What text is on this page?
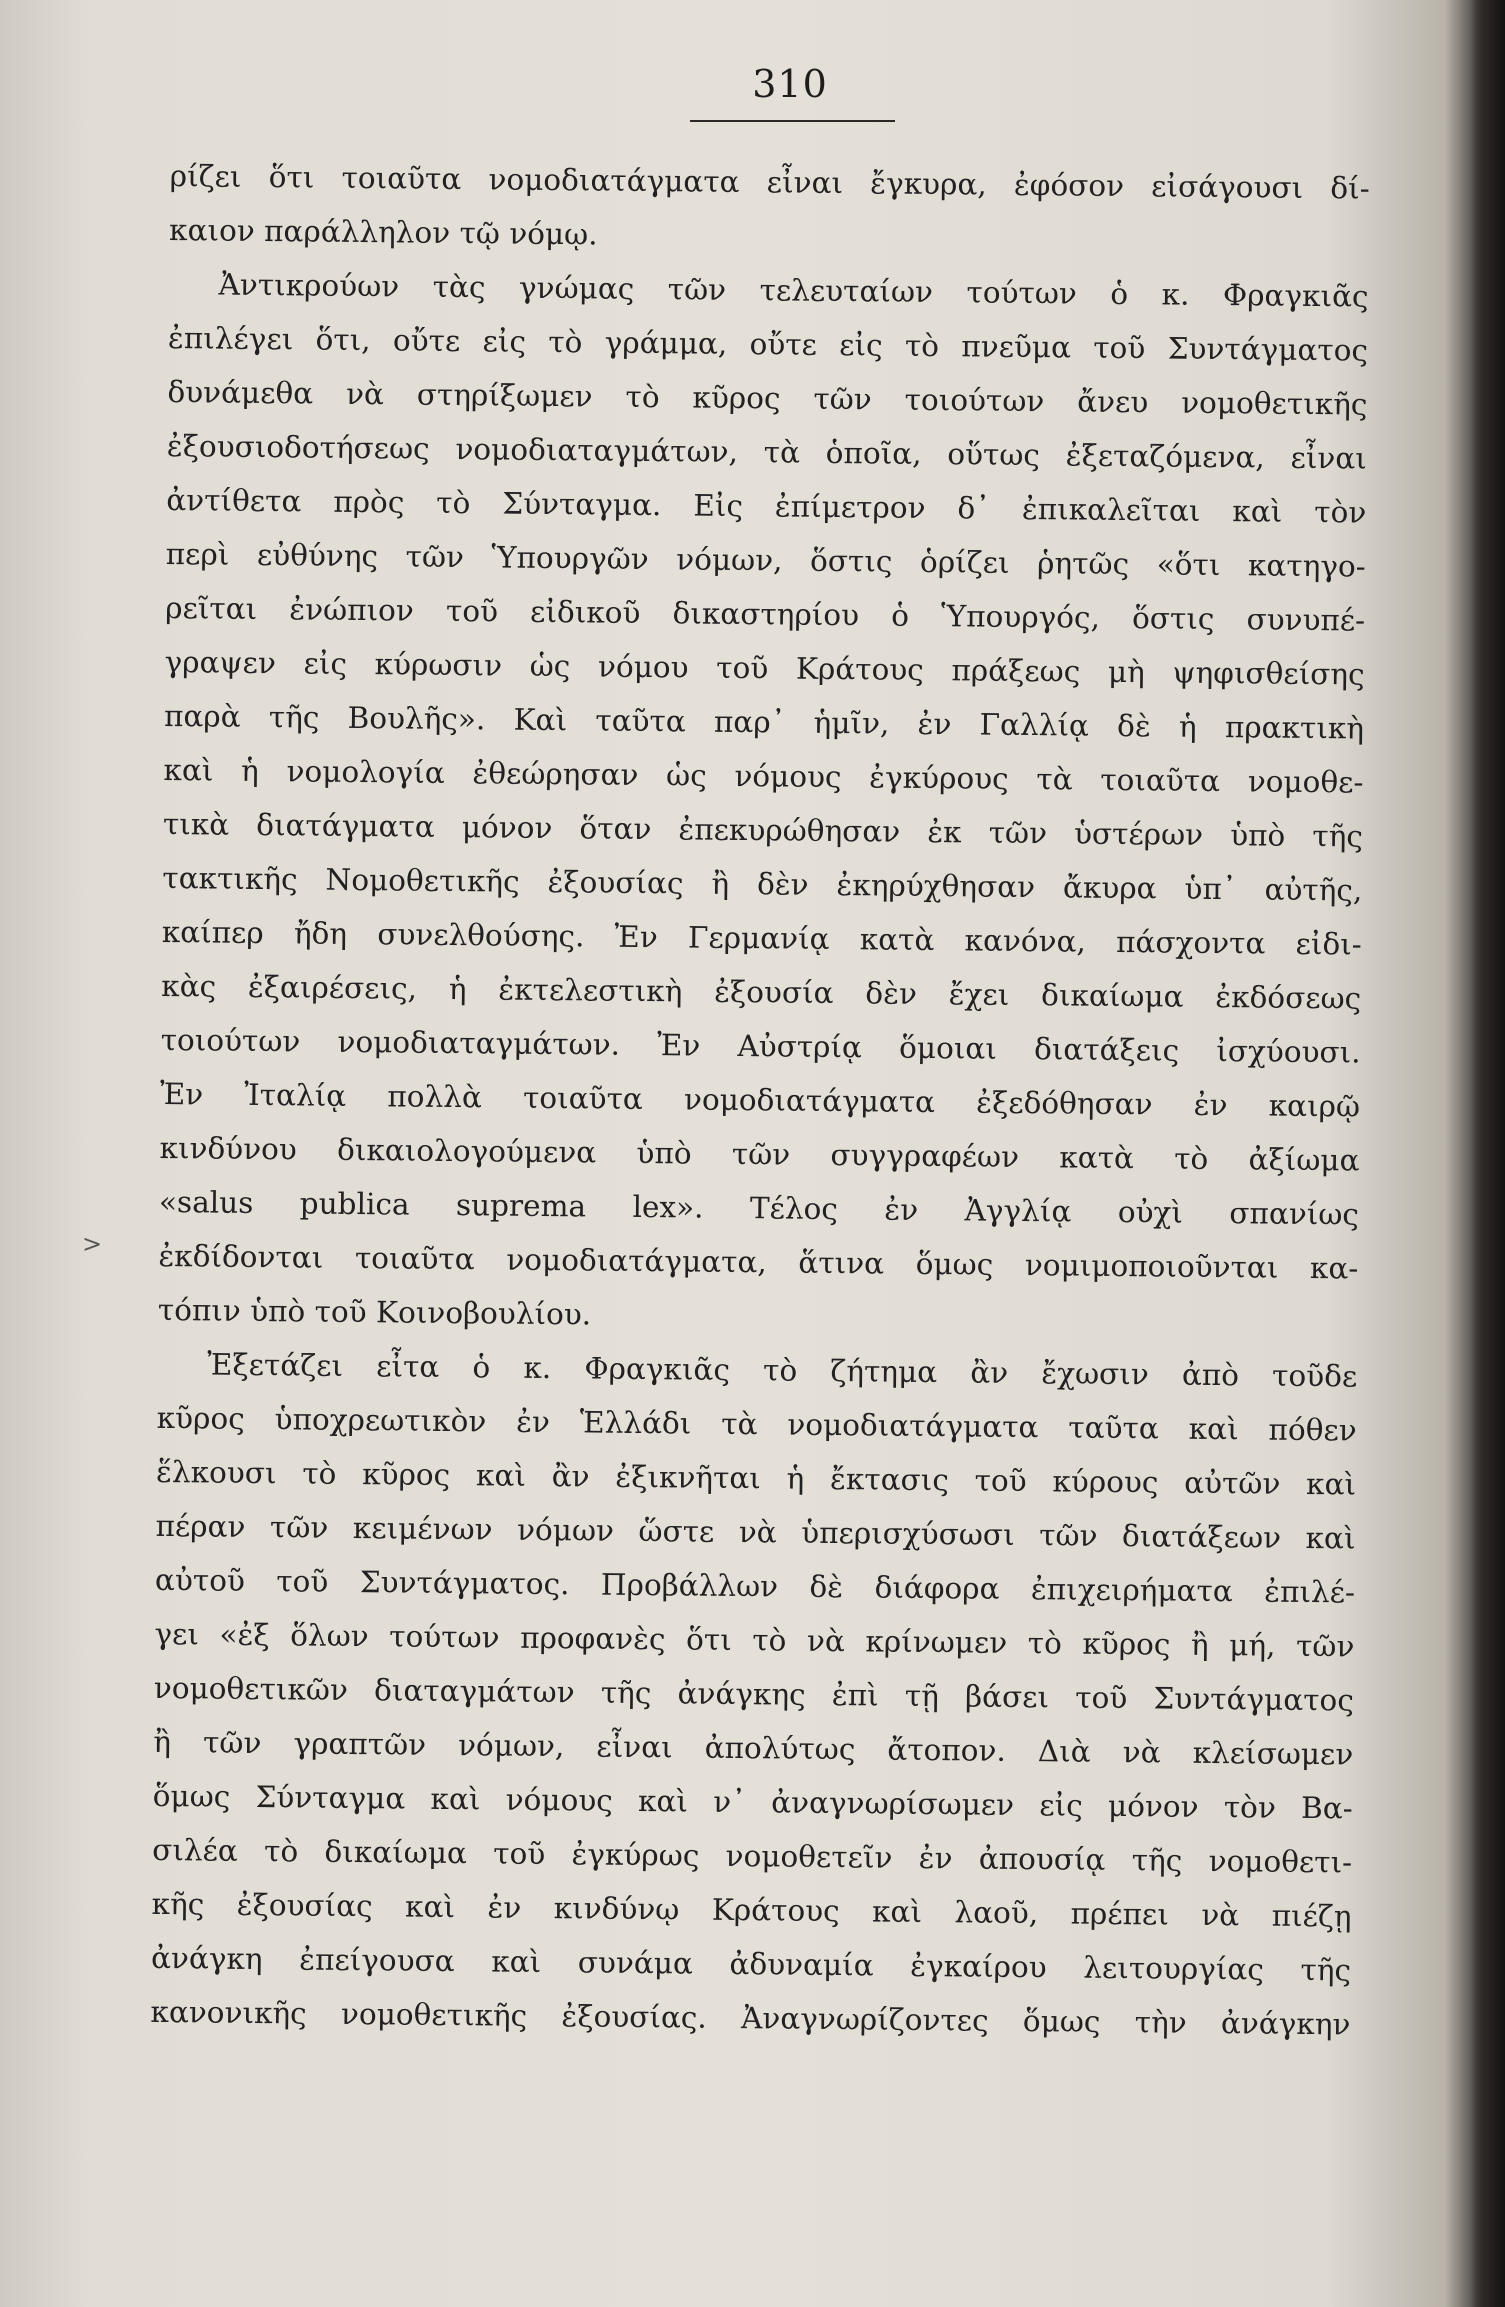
310
>
ρίζει ὅτι τοιαῦτα νομοδιατάγματα εἶναι ἔγκυρα, ἐφόσον εἰσάγουσι δί-
καιον παράλληλον τῷ νόμῳ.
Ἀντικρούων τὰς γνώμας τῶν τελευταίων τούτων ὁ κ. Φραγκιᾶς
ἐπιλέγει ὅτι, οὔτε εἰς τὸ γράμμα, οὔτε εἰς τὸ πνεῦμα τοῦ Συντάγματος
δυνάμεθα νὰ στηρίξωμεν τὸ κῦρος τῶν τοιούτων ἄνευ νομοθετικῆς
ἐξουσιοδοτήσεως νομοδιαταγμάτων, τὰ ὁποῖα, οὕτως ἐξεταζόμενα, εἶναι
ἀντίθετα πρὸς τὸ Σύνταγμα. Εἰς ἐπίμετρον δ᾽ ἐπικαλεῖται καὶ τὸν
περὶ εὐθύνης τῶν Ὑπουργῶν νόμων, ὅστις ὁρίζει ῥητῶς «ὅτι κατηγο-
ρεῖται ἐνώπιον τοῦ εἰδικοῦ δικαστηρίου ὁ Ὑπουργός, ὅστις συνυπέ-
γραψεν εἰς κύρωσιν ὡς νόμου τοῦ Κράτους πράξεως μὴ ψηφισθείσης
παρὰ τῆς Βουλῆς». Καὶ ταῦτα παρ᾽ ἡμῖν, ἐν Γαλλίᾳ δὲ ἡ πρακτικὴ
καὶ ἡ νομολογία ἐθεώρησαν ὡς νόμους ἐγκύρους τὰ τοιαῦτα νομοθε-
τικὰ διατάγματα μόνον ὅταν ἐπεκυρώθησαν ἐκ τῶν ὑστέρων ὑπὸ τῆς
τακτικῆς Νομοθετικῆς ἐξουσίας ἢ δὲν ἐκηρύχθησαν ἄκυρα ὑπ᾽ αὐτῆς,
καίπερ ἤδη συνελθούσης. Ἐν Γερμανίᾳ κατὰ κανόνα, πάσχοντα εἰδι-
κὰς ἐξαιρέσεις, ἡ ἐκτελεστικὴ ἐξουσία δὲν ἔχει δικαίωμα ἐκδόσεως
τοιούτων νομοδιαταγμάτων. Ἐν Αὐστρίᾳ ὅμοιαι διατάξεις ἰσχύουσι.
Ἐν Ἰταλίᾳ πολλὰ τοιαῦτα νομοδιατάγματα ἐξεδόθησαν ἐν καιρῷ
κινδύνου δικαιολογούμενα ὑπὸ τῶν συγγραφέων κατὰ τὸ ἀξίωμα
«salus publica suprema lex». Τέλος ἐν Ἀγγλίᾳ οὐχὶ σπανίως
ἐκδίδονται τοιαῦτα νομοδιατάγματα, ἅτινα ὅμως νομιμοποιοῦνται κα-
τόπιν ὑπὸ τοῦ Κοινοβουλίου.
Ἐξετάζει εἶτα ὁ κ. Φραγκιᾶς τὸ ζήτημα ἂν ἔχωσιν ἀπὸ τοῦδε
κῦρος ὑποχρεωτικὸν ἐν Ἑλλάδι τὰ νομοδιατάγματα ταῦτα καὶ πόθεν
ἕλκουσι τὸ κῦρος καὶ ἂν ἐξικνῆται ἡ ἔκτασις τοῦ κύρους αὐτῶν καὶ
πέραν τῶν κειμένων νόμων ὥστε νὰ ὑπερισχύσωσι τῶν διατάξεων καὶ
αὐτοῦ τοῦ Συντάγματος. Προβάλλων δὲ διάφορα ἐπιχειρήματα ἐπιλέ-
γει «ἐξ ὅλων τούτων προφανὲς ὅτι τὸ νὰ κρίνωμεν τὸ κῦρος ἢ μή, τῶν
νομοθετικῶν διαταγμάτων τῆς ἀνάγκης ἐπὶ τῇ βάσει τοῦ Συντάγματος
ἢ τῶν γραπτῶν νόμων, εἶναι ἀπολύτως ἄτοπον. Διὰ νὰ κλείσωμεν
ὅμως Σύνταγμα καὶ νόμους καὶ ν᾽ ἀναγνωρίσωμεν εἰς μόνον τὸν Βα-
σιλέα τὸ δικαίωμα τοῦ ἐγκύρως νομοθετεῖν ἐν ἀπουσίᾳ τῆς νομοθετι-
κῆς ἐξουσίας καὶ ἐν κινδύνῳ Κράτους καὶ λαοῦ, πρέπει νὰ πιέζῃ
ἀνάγκη ἐπείγουσα καὶ συνάμα ἀδυναμία ἐγκαίρου λειτουργίας τῆς
κανονικῆς νομοθετικῆς ἐξουσίας. Ἀναγνωρίζοντες ὅμως τὴν ἀνάγκην
